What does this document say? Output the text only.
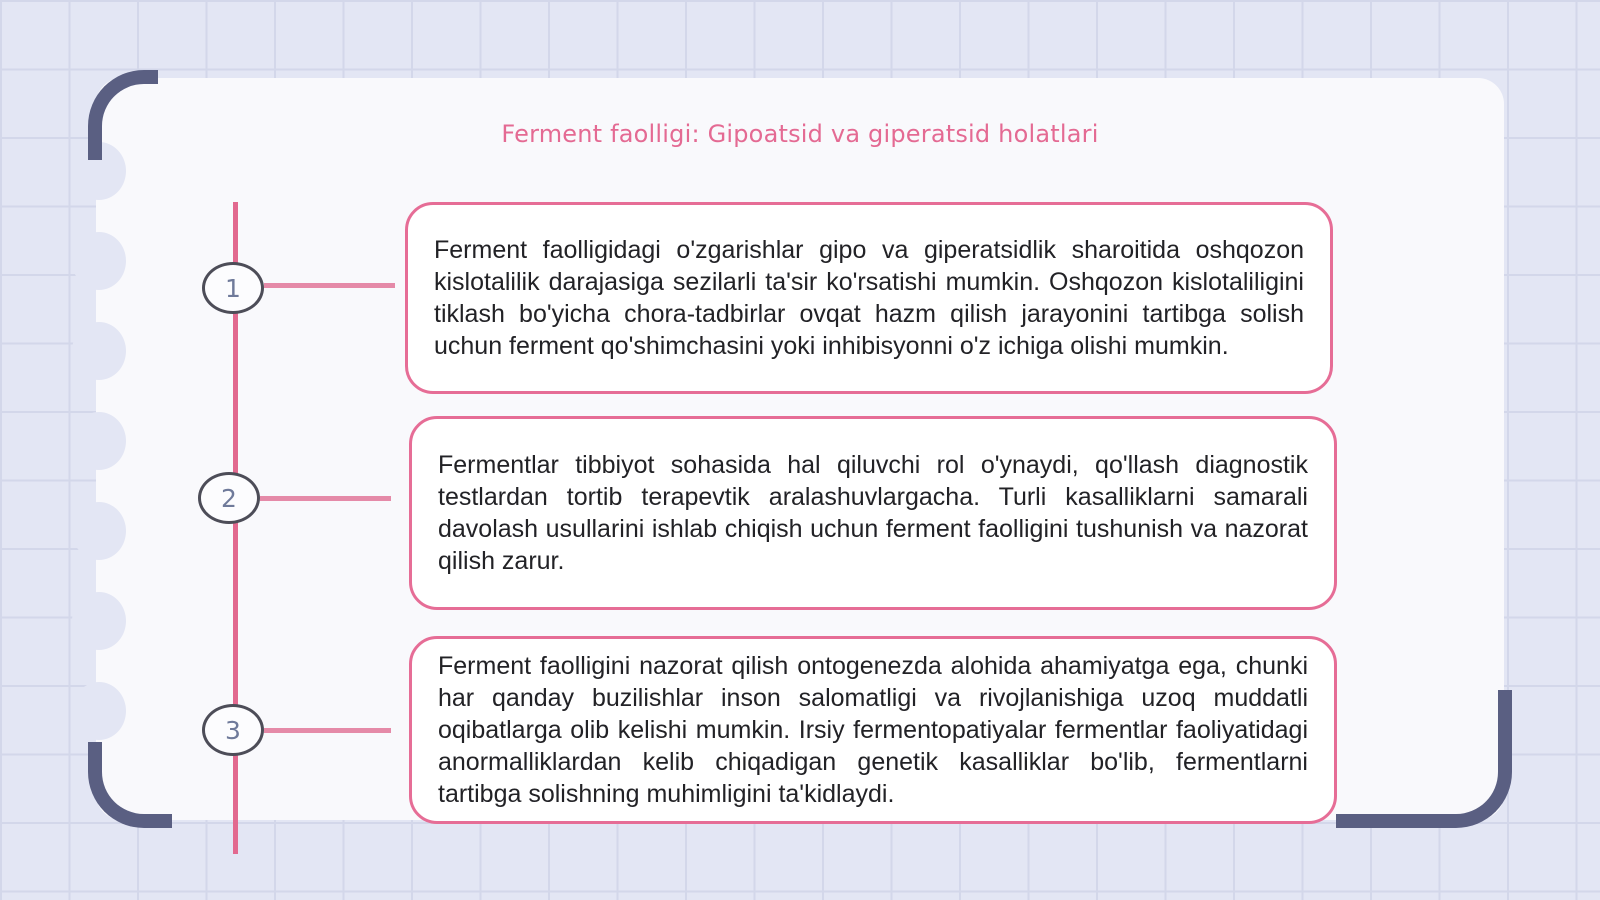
Ferment faolligi: Gipoatsid va giperatsid holatlari
1
2
3

Ferment faolligidagi o'zgarishlar gipo va giperatsidlik sharoitida oshqozon kislotalilik darajasiga sezilarli ta'sir ko'rsatishi mumkin. Oshqozon kislotaliligini tiklash bo'yicha chora-tadbirlar ovqat hazm qilish jarayonini tartibga solish uchun ferment qo'shimchasini yoki inhibisyonni o'z ichiga olishi mumkin.

Fermentlar tibbiyot sohasida hal qiluvchi rol o'ynaydi, qo'llash diagnostik testlardan tortib terapevtik aralashuvlargacha. Turli kasalliklarni samarali davolash usullarini ishlab chiqish uchun ferment faolligini tushunish va nazorat qilish zarur.

Ferment faolligini nazorat qilish ontogenezda alohida ahamiyatga ega, chunki har qanday buzilishlar inson salomatligi va rivojlanishiga uzoq muddatli oqibatlarga olib kelishi mumkin. Irsiy fermentopatiyalar fermentlar faoliyatidagi anormalliklardan kelib chiqadigan genetik kasalliklar bo'lib, fermentlarni tartibga solishning muhimligini ta'kidlaydi.
